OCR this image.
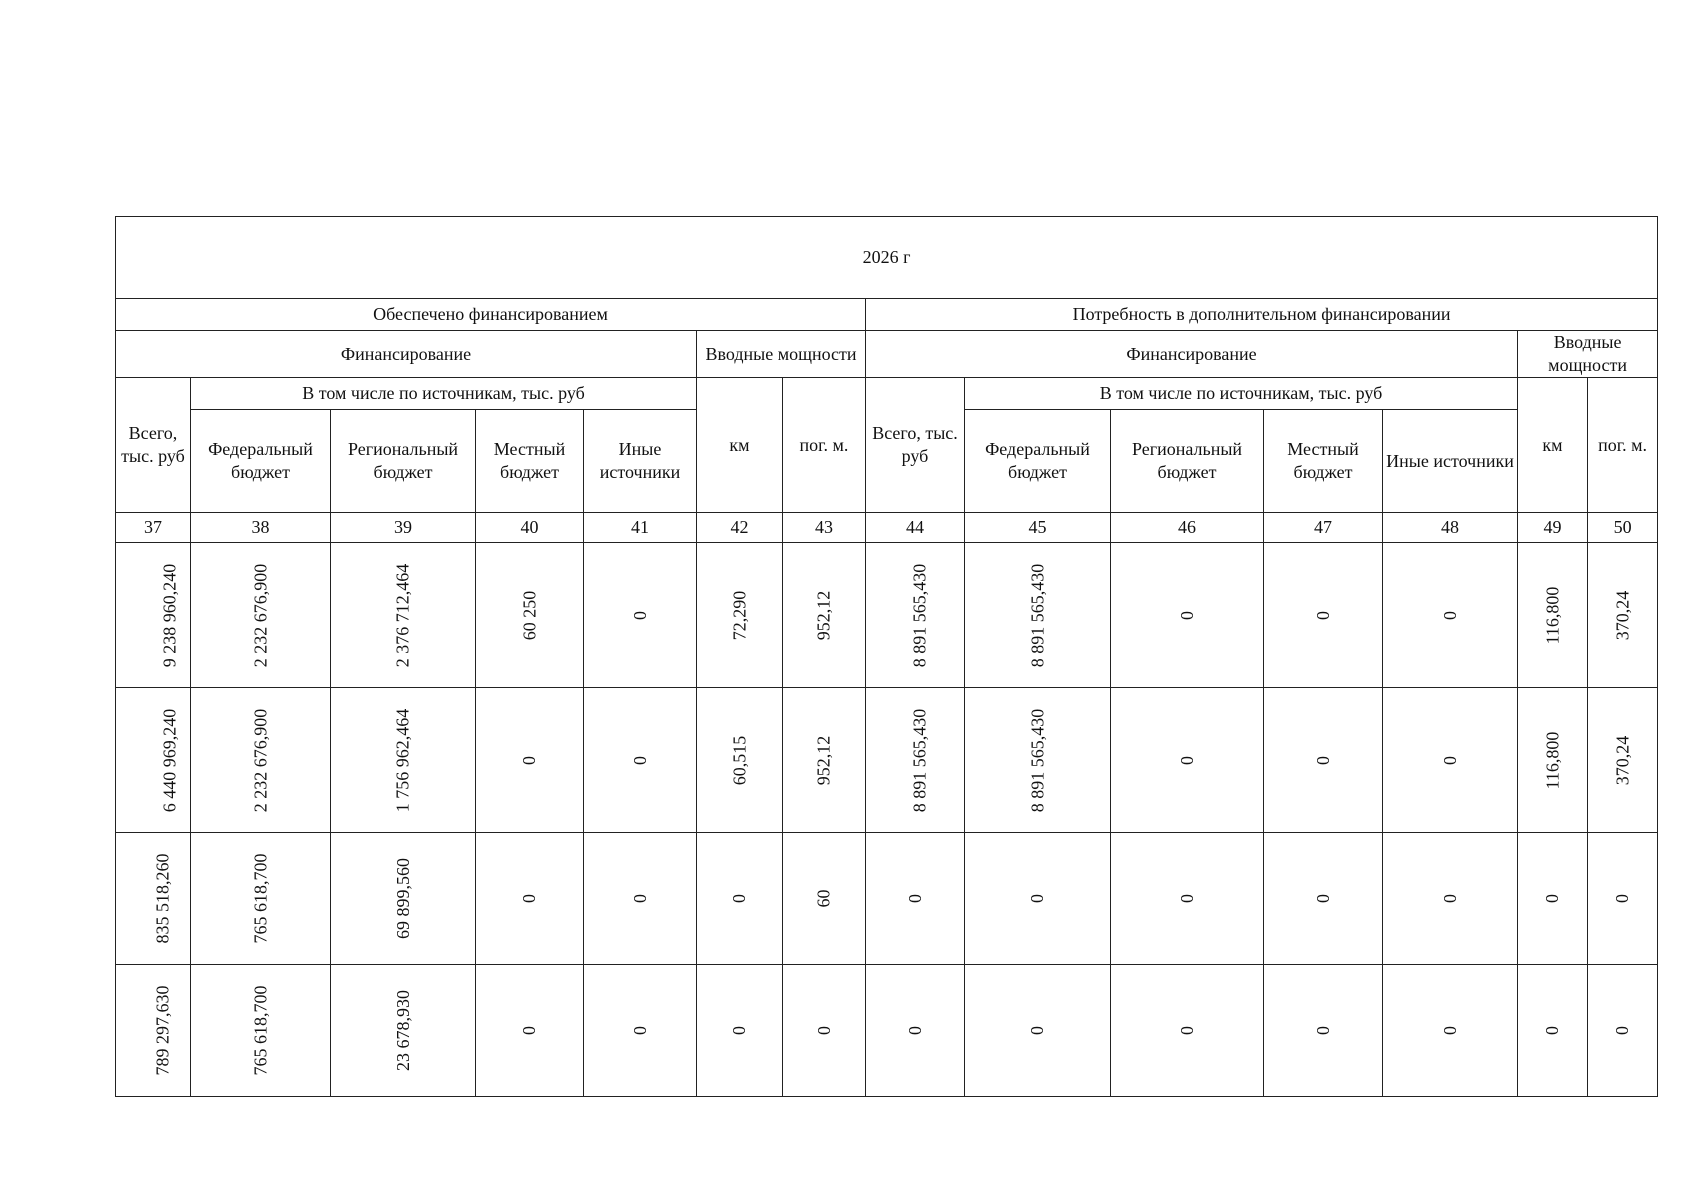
2026 г													
Обеспечено финансированием							Потребность в дополнительном финансировании						
Финансирование					Вводные мощности		Финансирование					Вводные мощности	
Всего, тыс. руб	В том числе по источникам, тыс. руб				км	пог. м.	Всего, тыс. руб	В том числе по источникам, тыс. руб				км	пог. м.
	Федеральный бюджет	Региональный бюджет	Местный бюджет	Иные источники				Федеральный бюджет	Региональный бюджет	Местный бюджет	Иные источники		
37	38	39	40	41	42	43	44	45	46	47	48	49	50
9 238 960,240	2 232 676,900	2 376 712,464	60 250	0	72,290	952,12	8 891 565,430	8 891 565,430	0	0	0	116,800	370,24
6 440 969,240	2 232 676,900	1 756 962,464	0	0	60,515	952,12	8 891 565,430	8 891 565,430	0	0	0	116,800	370,24
835 518,260	765 618,700	69 899,560	0	0	0	60	0	0	0	0	0	0	0
789 297,630	765 618,700	23 678,930	0	0	0	0	0	0	0	0	0	0	0
